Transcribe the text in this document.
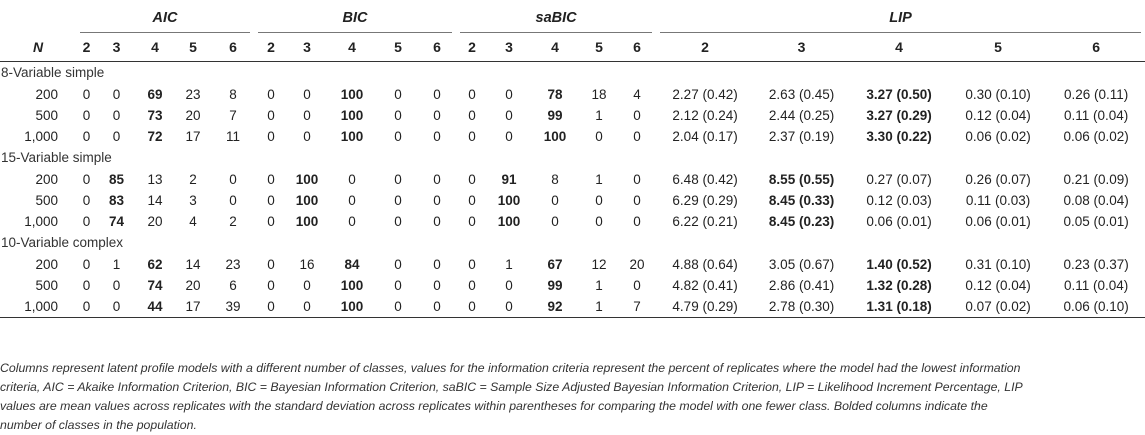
	AIC					BIC					saBIC					LIP				

N	2	3	4	5	6	2	3	4	5	6	2	3	4	5	6	2	3	4	5	6
8-Variable simple																				
200	0	0	69	23	8	0	0	100	0	0	0	0	78	18	4	2.27 (0.42)	2.63 (0.45)	3.27 (0.50)	0.30 (0.10)	0.26 (0.11)
500	0	0	73	20	7	0	0	100	0	0	0	0	99	1	0	2.12 (0.24)	2.44 (0.25)	3.27 (0.29)	0.12 (0.04)	0.11 (0.04)
1,000	0	0	72	17	11	0	0	100	0	0	0	0	100	0	0	2.04 (0.17)	2.37 (0.19)	3.30 (0.22)	0.06 (0.02)	0.06 (0.02)
15-Variable simple																				
200	0	85	13	2	0	0	100	0	0	0	0	91	8	1	0	6.48 (0.42)	8.55 (0.55)	0.27 (0.07)	0.26 (0.07)	0.21 (0.09)
500	0	83	14	3	0	0	100	0	0	0	0	100	0	0	0	6.29 (0.29)	8.45 (0.33)	0.12 (0.03)	0.11 (0.03)	0.08 (0.04)
1,000	0	74	20	4	2	0	100	0	0	0	0	100	0	0	0	6.22 (0.21)	8.45 (0.23)	0.06 (0.01)	0.06 (0.01)	0.05 (0.01)
10-Variable complex																				
200	0	1	62	14	23	0	16	84	0	0	0	1	67	12	20	4.88 (0.64)	3.05 (0.67)	1.40 (0.52)	0.31 (0.10)	0.23 (0.37)
500	0	0	74	20	6	0	0	100	0	0	0	0	99	1	0	4.82 (0.41)	2.86 (0.41)	1.32 (0.28)	0.12 (0.04)	0.11 (0.04)
1,000	0	0	44	17	39	0	0	100	0	0	0	0	92	1	7	4.79 (0.29)	2.78 (0.30)	1.31 (0.18)	0.07 (0.02)	0.06 (0.10)

Columns represent latent profile models with a different number of classes, values for the information criteria represent the percent of replicates where the model had the lowest information

criteria, AIC = Akaike Information Criterion, BIC = Bayesian Information Criterion, saBIC = Sample Size Adjusted Bayesian Information Criterion, LIP = Likelihood Increment Percentage, LIP

values are mean values across replicates with the standard deviation across replicates within parentheses for comparing the model with one fewer class. Bolded columns indicate the

number of classes in the population.
